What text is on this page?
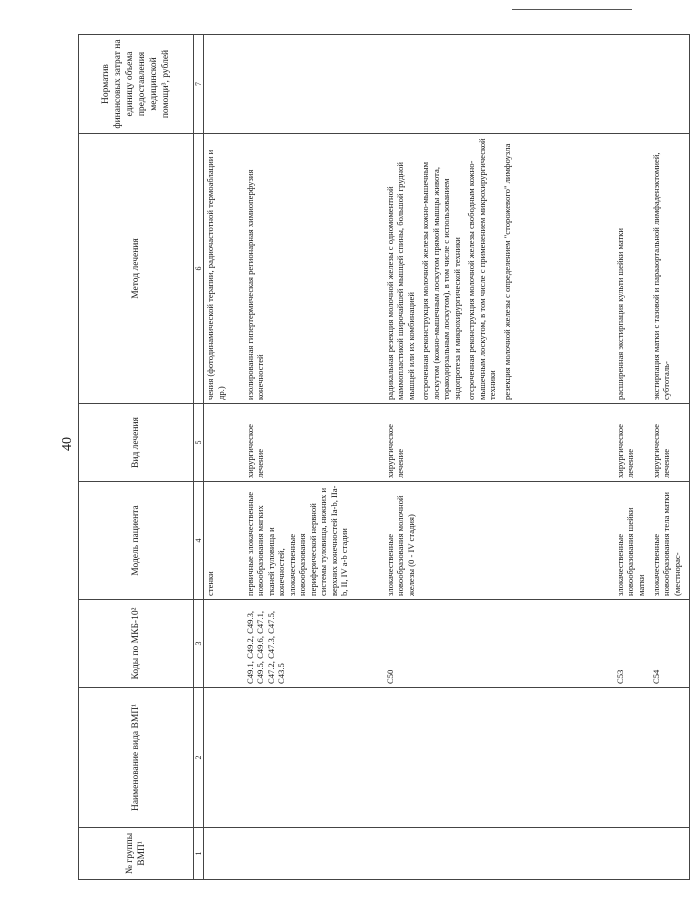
40
№ группы ВМП¹	Наименование вида ВМП¹	Коды по МКБ-10²	Модель пациента	Вид лечения	Метод лечения	Норматив финансовых затрат на единицу объема предоставления медицинской помощи³, рублей
1	2	3	4	5	6	7
			стенки		чения (фотодинамической терапии, радиочастотной термоаблации и др.)	

		C49.1, C49.2, C49.3, C49.5, C49.6, C47.1, C47.2, C47.3, C47.5, C43.5	первичные злокачественные новообразования мягких тканей туловища и конечностей, злокачественные новообразования периферической нервной системы туловища, нижних и верхних конечностей Ia-b, IIa-b, II, IV a-b стадии	хирургическое лечение	изолированная гипертермическая регионарная химиоперфузия конечностей	

		C50	злокачественные новообразования молочной железы (0 - IV стадия)	хирургическое лечение	радикальная резекция молочной железы с одномоментной маммопластикой широчайшей мышцей спины, большой грудной мышцей или их комбинацией отсроченная реконструкция молочной железы кожно-мышечным лоскутом (кожно-мышечным лоскутом прямой мышцы живота, торакодорзальным лоскутом), в том числе с использованием эндопротеза и микрохирургической техники отсроченная реконструкция молочной железы свободным кожно-мышечным лоскутом, в том числе с применением микрохирургической техники резекция молочной железы с определением "сторожевого" лимфоузла	

		C53	злокачественные новообразования шейки матки	хирургическое лечение	расширенная экстирпация культи шейки матки	

		C54	злокачественные новообразования тела матки (местнорас-	хирургическое лечение	экстирпация матки с тазовой и парааортальной лимфаденэктомией, субтоталь-	
